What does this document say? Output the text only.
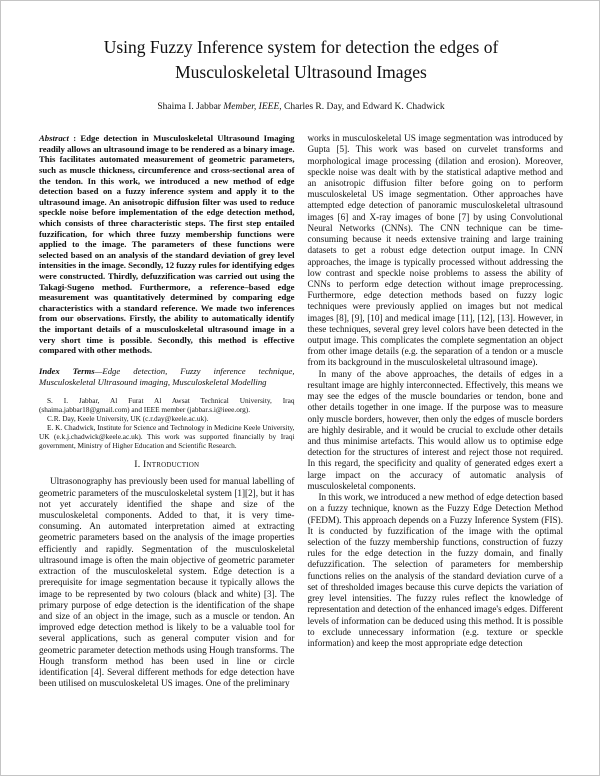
Using Fuzzy Inference system for detection the edges of Musculoskeletal Ultrasound Images
Shaima I. Jabbar Member, IEEE, Charles R. Day, and Edward K. Chadwick

Abstract : Edge detection in Musculoskeletal Ultrasound Imaging readily allows an ultrasound image to be rendered as a binary image. This facilitates automated measurement of geometric parameters, such as muscle thickness, circumference and cross-sectional area of the tendon. In this work, we introduced a new method of edge detection based on a fuzzy inference system and apply it to the ultrasound image. An anisotropic diffusion filter was used to reduce speckle noise before implementation of the edge detection method, which consists of three characteristic steps. The first step entailed fuzzification, for which three fuzzy membership functions were applied to the image. The parameters of these functions were selected based on an analysis of the standard deviation of grey level intensities in the image. Secondly, 12 fuzzy rules for identifying edges were constructed. Thirdly, defuzzification was carried out using the Takagi-Sugeno method. Furthermore, a reference–based edge measurement was quantitatively determined by comparing edge characteristics with a standard reference. We made two inferences from our observations. Firstly, the ability to automatically identify the important details of a musculoskeletal ultrasound image in a very short time is possible. Secondly, this method is effective compared with other methods.

Index Terms—Edge detection, Fuzzy inference technique, Musculoskeletal Ultrasound imaging, Musculoskeletal Modelling

S. I. Jabbar, Al Furat Al Awsat Technical University, Iraq (shaima.jabbar18@gmail.com) and IEEE member (jabbar.s.i@ieee.org).

C.R. Day, Keele University, UK (c.r.day@keele.ac.uk).

E. K. Chadwick, Institute for Science and Technology in Medicine Keele University, UK (e.k.j.chadwick@keele.ac.uk). This work was supported financially by Iraqi government, Ministry of Higher Education and Scientific Research.

I. Introduction

Ultrasonography has previously been used for manual labelling of geometric parameters of the musculoskeletal system [1][2], but it has not yet accurately identified the shape and size of the musculoskeletal components. Added to that, it is very time-consuming. An automated interpretation aimed at extracting geometric parameters based on the analysis of the image properties efficiently and rapidly. Segmentation of the musculoskeletal ultrasound image is often the main objective of geometric parameter extraction of the musculoskeletal system. Edge detection is a prerequisite for image segmentation because it typically allows the image to be represented by two colours (black and white) [3]. The primary purpose of edge detection is the identification of the shape and size of an object in the image, such as a muscle or tendon. An improved edge detection method is likely to be a valuable tool for several applications, such as general computer vision and for geometric parameter detection methods using Hough transforms. The Hough transform method has been used in line or circle identification [4]. Several different methods for edge detection have been utilised on musculoskeletal US images. One of the preliminary

works in musculoskeletal US image segmentation was introduced by Gupta [5]. This work was based on curvelet transforms and morphological image processing (dilation and erosion). Moreover, speckle noise was dealt with by the statistical adaptive method and an anisotropic diffusion filter before going on to perform musculoskeletal US image segmentation. Other approaches have attempted edge detection of panoramic musculoskeletal ultrasound images [6] and X-ray images of bone [7] by using Convolutional Neural Networks (CNNs). The CNN technique can be time-consuming because it needs extensive training and large training datasets to get a robust edge detection output image. In CNN approaches, the image is typically processed without addressing the low contrast and speckle noise problems to assess the ability of CNNs to perform edge detection without image preprocessing. Furthermore, edge detection methods based on fuzzy logic techniques were previously applied on images but not medical images [8], [9], [10] and medical image [11], [12], [13]. However, in these techniques, several grey level colors have been detected in the output image. This complicates the complete segmentation an object from other image details (e.g. the separation of a tendon or a muscle from its background in the musculoskeletal ultrasound image).

In many of the above approaches, the details of edges in a resultant image are highly interconnected. Effectively, this means we may see the edges of the muscle boundaries or tendon, bone and other details together in one image. If the purpose was to measure only muscle borders, however, then only the edges of muscle borders are highly desirable, and it would be crucial to exclude other details and thus minimise artefacts. This would allow us to optimise edge detection for the structures of interest and reject those not required. In this regard, the specificity and quality of generated edges exert a large impact on the accuracy of automatic analysis of musculoskeletal components.

In this work, we introduced a new method of edge detection based on a fuzzy technique, known as the Fuzzy Edge Detection Method (FEDM). This approach depends on a Fuzzy Inference System (FIS). It is conducted by fuzzification of the image with the optimal selection of the fuzzy membership functions, construction of fuzzy rules for the edge detection in the fuzzy domain, and finally defuzzification. The selection of parameters for membership functions relies on the analysis of the standard deviation curve of a set of thresholded images because this curve depicts the variation of grey level intensities. The fuzzy rules reflect the knowledge of representation and detection of the enhanced image's edges. Different levels of information can be deduced using this method. It is possible to exclude unnecessary information (e.g. texture or speckle information) and keep the most appropriate edge detection
